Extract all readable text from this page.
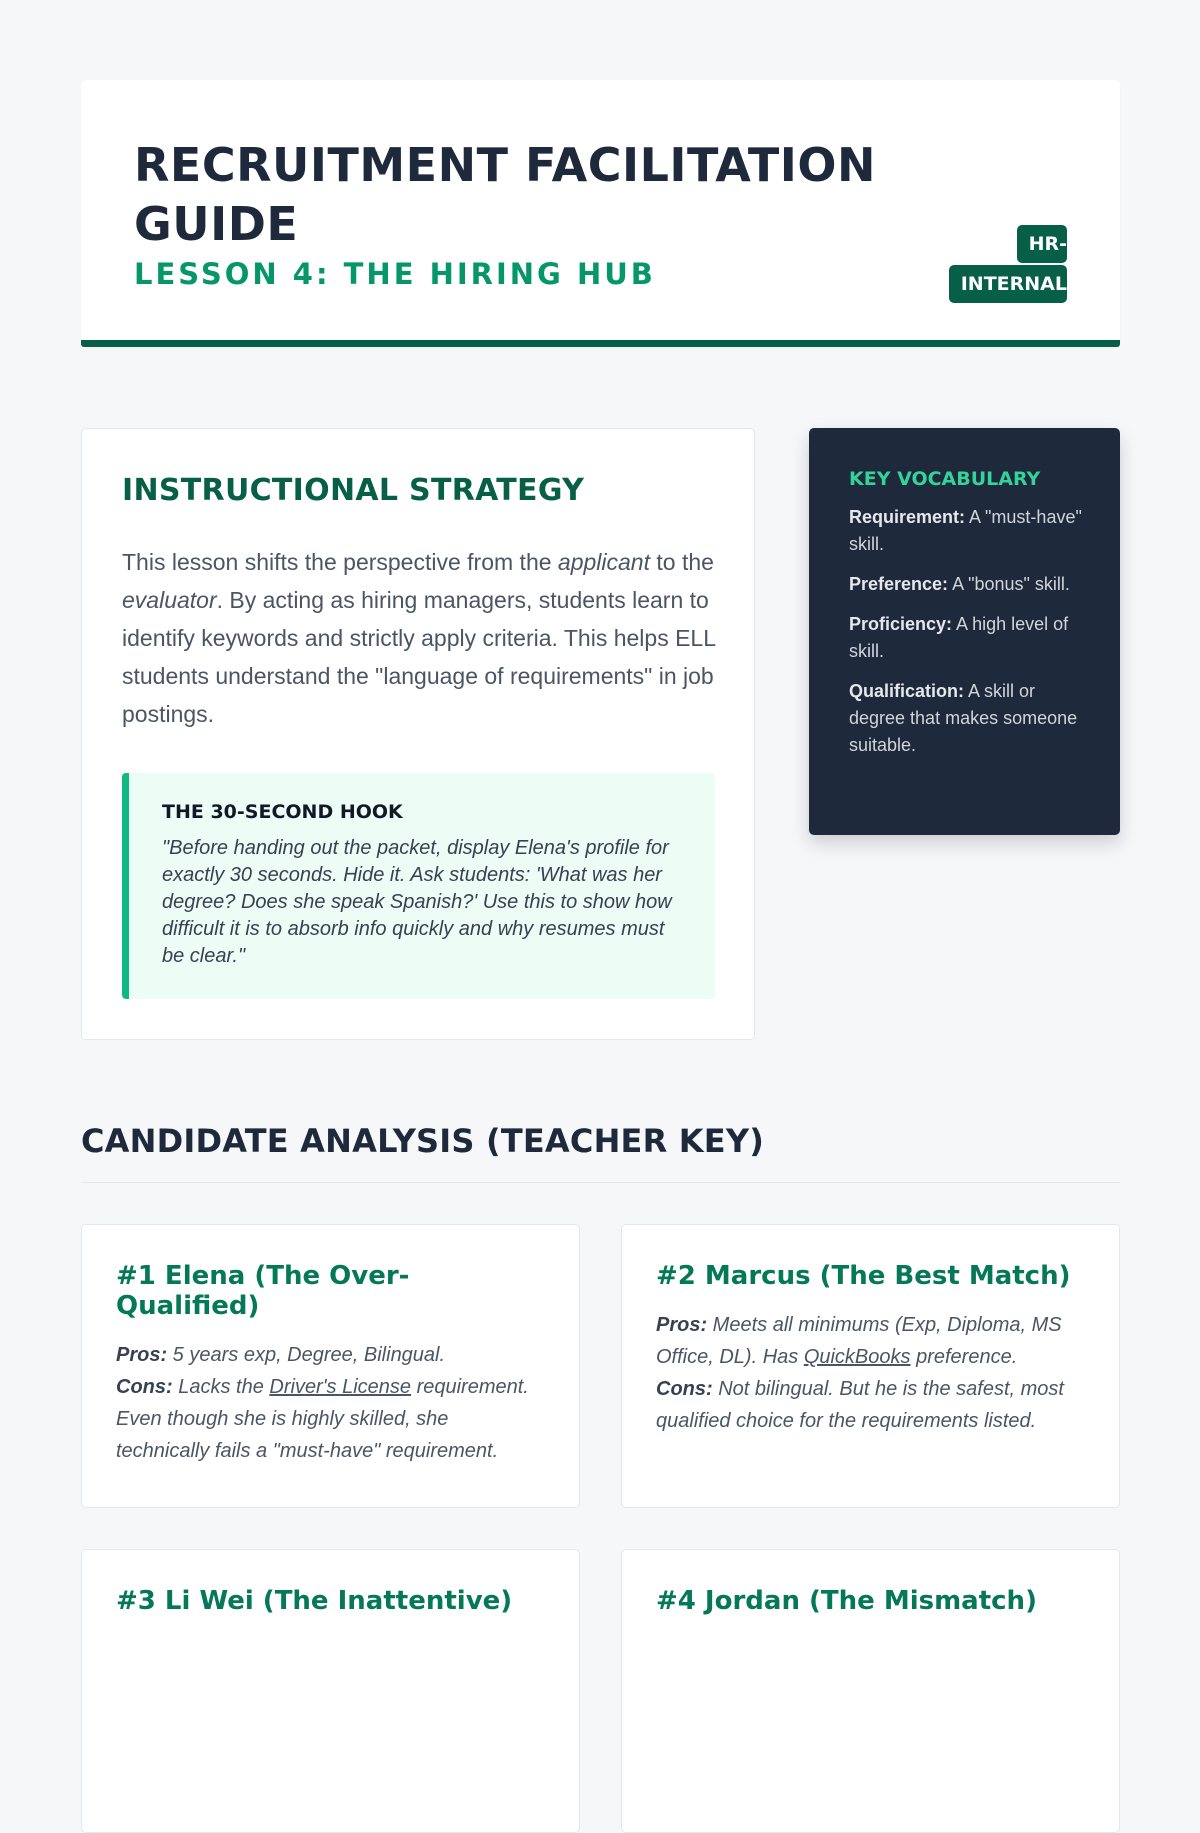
RECRUITMENT FACILITATION GUIDE
LESSON 4: THE HIRING HUB
HR-INTERNAL
INSTRUCTIONAL STRATEGY

This lesson shifts the perspective from the applicant to the evaluator. By acting as hiring managers, students learn to identify keywords and strictly apply criteria. This helps ELL students understand the "language of requirements" in job postings.

THE 30-SECOND HOOK

"Before handing out the packet, display Elena's profile for exactly 30 seconds. Hide it. Ask students: 'What was her degree? Does she speak Spanish?' Use this to show how difficult it is to absorb info quickly and why resumes must be clear."

KEY VOCABULARY
Requirement: A "must-have" skill.
Preference: A "bonus" skill.
Proficiency: A high level of skill.
Qualification: A skill or degree that makes someone suitable.
CANDIDATE ANALYSIS (TEACHER KEY)
#1 Elena (The Over-Qualified)

Pros: 5 years exp, Degree, Bilingual.
Cons: Lacks the Driver's License requirement. Even though she is highly skilled, she technically fails a "must-have" requirement.

#2 Marcus (The Best Match)

Pros: Meets all minimums (Exp, Diploma, MS Office, DL). Has QuickBooks preference.
Cons: Not bilingual. But he is the safest, most qualified choice for the requirements listed.

#3 Li Wei (The Inattentive)	#4 Jordan (The Mismatch)
